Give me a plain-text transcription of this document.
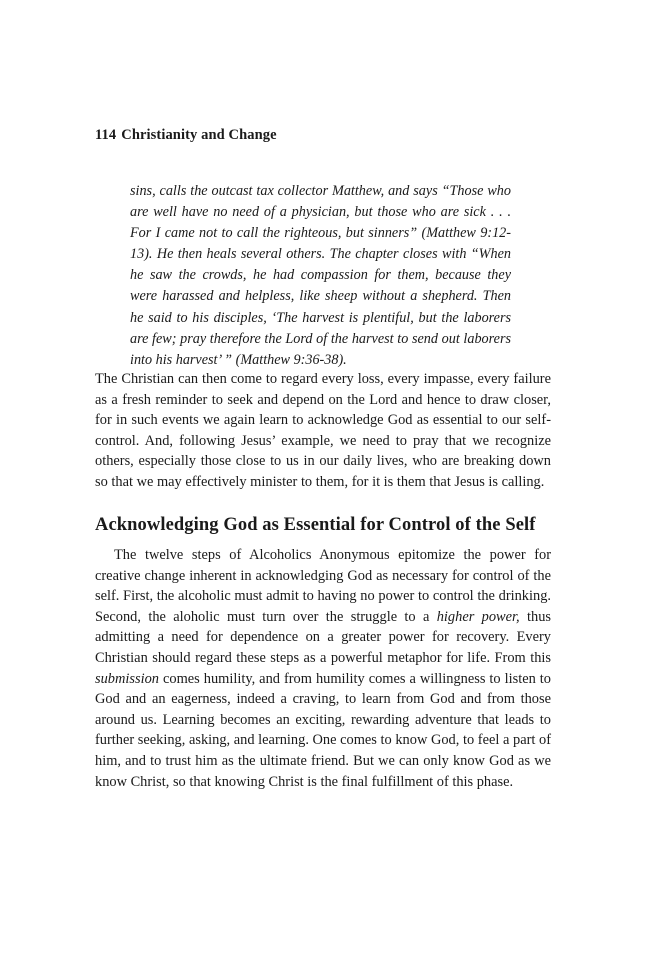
114 Christianity and Change
sins, calls the outcast tax collector Matthew, and says “Those who are well have no need of a physician, but those who are sick . . . For I came not to call the righteous, but sinners” (Matthew 9:12-13). He then heals several others. The chapter closes with “When he saw the crowds, he had compassion for them, because they were harassed and helpless, like sheep without a shepherd. Then he said to his disciples, ‘The harvest is plentiful, but the laborers are few; pray therefore the Lord of the harvest to send out laborers into his harvest’ ” (Matthew 9:36-38).
The Christian can then come to regard every loss, every impasse, every failure as a fresh reminder to seek and depend on the Lord and hence to draw closer, for in such events we again learn to acknowledge God as essential to our self-control. And, following Jesus’ example, we need to pray that we recognize others, especially those close to us in our daily lives, who are breaking down so that we may effectively minister to them, for it is them that Jesus is calling.
Acknowledging God as Essential for Control of the Self
The twelve steps of Alcoholics Anonymous epitomize the power for creative change inherent in acknowledging God as necessary for control of the self. First, the alcoholic must admit to having no power to control the drinking. Second, the aloholic must turn over the struggle to a higher power, thus admitting a need for dependence on a greater power for recovery. Every Christian should regard these steps as a powerful metaphor for life. From this submission comes humility, and from humility comes a willingness to listen to God and an eagerness, indeed a craving, to learn from God and from those around us. Learning becomes an exciting, rewarding adventure that leads to further seeking, asking, and learning. One comes to know God, to feel a part of him, and to trust him as the ultimate friend. But we can only know God as we know Christ, so that knowing Christ is the final fulfillment of this phase.
